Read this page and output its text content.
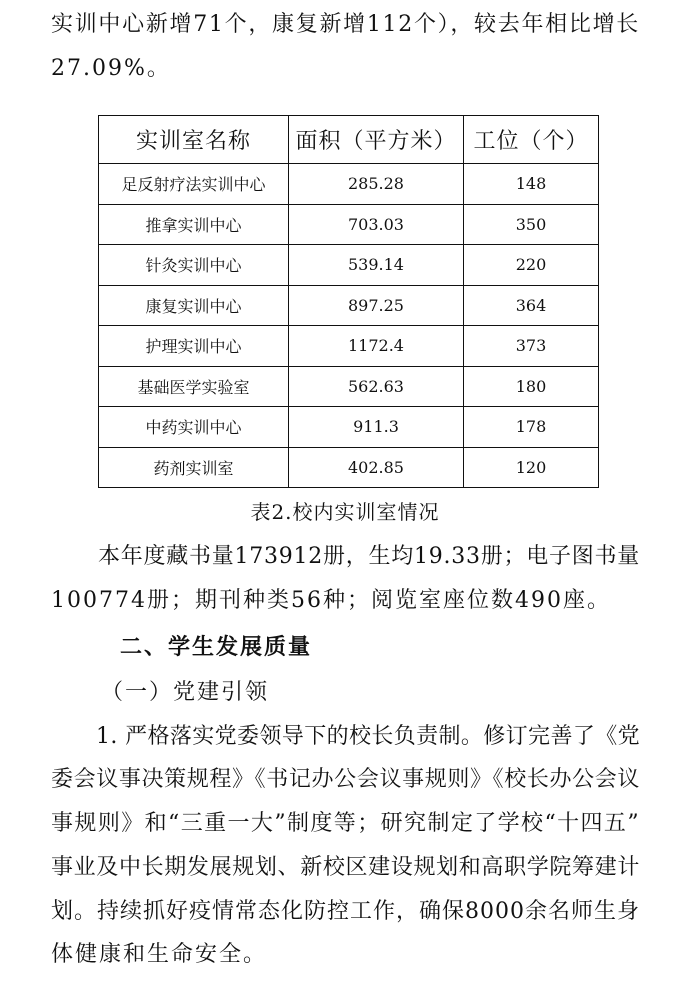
实训中心新增71个，康复新增112个），较去年相比增长
27.09%。
实训室名称	面积（平方米）	工位（个）
足反射疗法实训中心	285.28	148
推拿实训中心	703.03	350
针灸实训中心	539.14	220
康复实训中心	897.25	364
护理实训中心	1172.4	373
基础医学实验室	562.63	180
中药实训中心	911.3	178
药剂实训室	402.85	120
表2.校内实训室情况
本年度藏书量173912册，生均19.33册；电子图书量
100774册；期刊种类56种；阅览室座位数490座。
二、学生发展质量
（一）党建引领
1. 严格落实党委领导下的校长负责制。修订完善了《党
委会议事决策规程》《书记办公会议事规则》《校长办公会议
事规则》和“三重一大”制度等；研究制定了学校“十四五”
事业及中长期发展规划、新校区建设规划和高职学院筹建计
划。持续抓好疫情常态化防控工作，确保8000余名师生身
体健康和生命安全。
